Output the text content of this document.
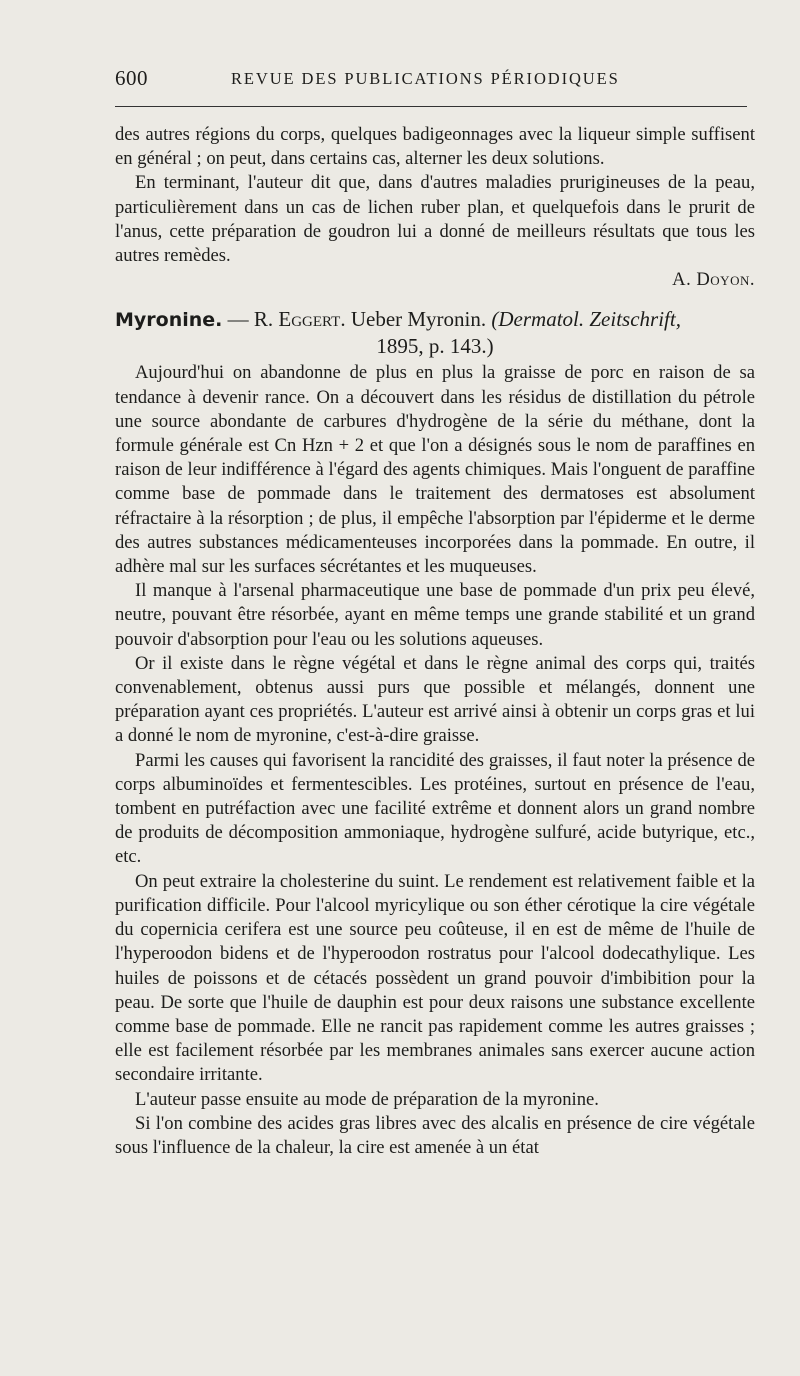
600	REVUE DES PUBLICATIONS PÉRIODIQUES

des autres régions du corps, quelques badigeonnages avec la liqueur simple suffisent en général ; on peut, dans certains cas, alterner les deux solutions.

En terminant, l'auteur dit que, dans d'autres maladies prurigineuses de la peau, particulièrement dans un cas de lichen ruber plan, et quelquefois dans le prurit de l'anus, cette préparation de goudron lui a donné de meilleurs résultats que tous les autres remèdes.

A. Doyon.

Myronine. — R. Eggert. Ueber Myronin. (Dermatol. Zeitschrift,
1895, p. 143.)

Aujourd'hui on abandonne de plus en plus la graisse de porc en raison de sa tendance à devenir rance. On a découvert dans les résidus de distillation du pétrole une source abondante de carbures d'hydrogène de la série du méthane, dont la formule générale est Cn Hzn + 2 et que l'on a désignés sous le nom de paraffines en raison de leur indifférence à l'égard des agents chimiques. Mais l'onguent de paraffine comme base de pommade dans le traitement des dermatoses est absolument réfractaire à la résorption ; de plus, il empêche l'absorption par l'épiderme et le derme des autres substances médicamenteuses incorporées dans la pommade. En outre, il adhère mal sur les surfaces sécrétantes et les muqueuses.

Il manque à l'arsenal pharmaceutique une base de pommade d'un prix peu élevé, neutre, pouvant être résorbée, ayant en même temps une grande stabilité et un grand pouvoir d'absorption pour l'eau ou les solutions aqueuses.

Or il existe dans le règne végétal et dans le règne animal des corps qui, traités convenablement, obtenus aussi purs que possible et mélangés, donnent une préparation ayant ces propriétés. L'auteur est arrivé ainsi à obtenir un corps gras et lui a donné le nom de myronine, c'est-à-dire graisse.

Parmi les causes qui favorisent la rancidité des graisses, il faut noter la présence de corps albuminoïdes et fermentescibles. Les protéines, surtout en présence de l'eau, tombent en putréfaction avec une facilité extrême et donnent alors un grand nombre de produits de décomposition ammoniaque, hydrogène sulfuré, acide butyrique, etc., etc.

On peut extraire la cholesterine du suint. Le rendement est relativement faible et la purification difficile. Pour l'alcool myricylique ou son éther cérotique la cire végétale du copernicia cerifera est une source peu coûteuse, il en est de même de l'huile de l'hyperoodon bidens et de l'hyperoodon rostratus pour l'alcool dodecathylique. Les huiles de poissons et de cétacés possèdent un grand pouvoir d'imbibition pour la peau. De sorte que l'huile de dauphin est pour deux raisons une substance excellente comme base de pommade. Elle ne rancit pas rapidement comme les autres graisses ; elle est facilement résorbée par les membranes animales sans exercer aucune action secondaire irritante.

L'auteur passe ensuite au mode de préparation de la myronine.

Si l'on combine des acides gras libres avec des alcalis en présence de cire végétale sous l'influence de la chaleur, la cire est amenée à un état
